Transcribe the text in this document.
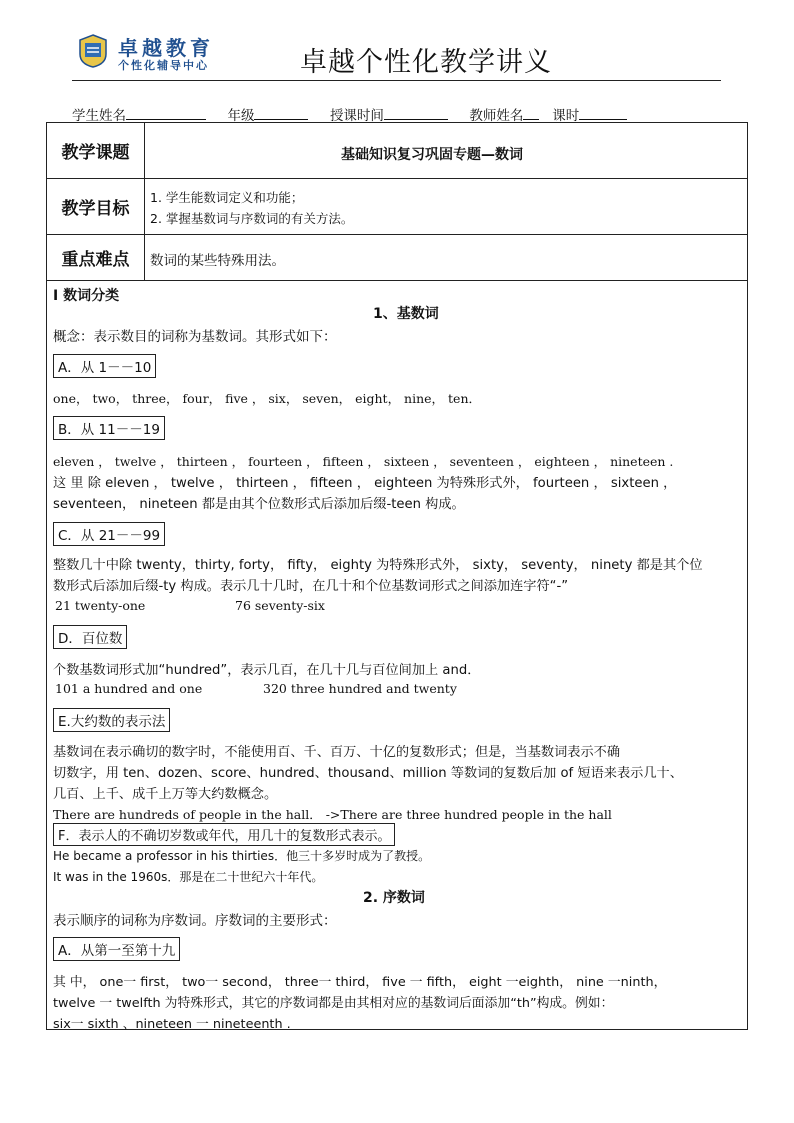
卓越教育
个性化辅导中心	卓越个性化教学讲义
学生姓名	年级	授课时间	教师姓名 课时
教学课题	基础知识复习巩固专题—数词
教学目标
1. 学生能数词定义和功能；
2. 掌握基数词与序数词的有关方法。
重点难点	数词的某些特殊用法。
I 数词分类
1、基数词
概念：表示数目的词称为基数词。其形式如下：
A．从 1－－10
one， two， three， four， five ， six， seven， eight， nine， ten．
B．从 11－－19
eleven ， twelve ， thirteen ， fourteen ， fifteen ， sixteen ， seventeen ， eighteen ， nineteen .
这 里 除 eleven ， twelve ， thirteen ， fifteen ， eighteen 为特殊形式外， fourteen ， sixteen ，
seventeen， nineteen 都是由其个位数形式后添加后缀-teen 构成。
C．从 21－－99
整数几十中除 twenty，thirty, forty， fifty， eighty 为特殊形式外， sixty， seventy， ninety 都是其个位
数形式后添加后缀-ty 构成。表示几十几时，在几十和个位基数词形式之间添加连字符“-”
21 twenty-one	76 seventy-six
D．百位数
个数基数词形式加“hundred”，表示几百，在几十几与百位间加上 and．
101 a hundred and one	320 three hundred and twenty
E.大约数的表示法
基数词在表示确切的数字时，不能使用百、千、百万、十亿的复数形式；但是，当基数词表示不确
切数字，用 ten、dozen、score、hundred、thousand、million 等数词的复数后加 of 短语来表示几十、
几百、上千、成千上万等大约数概念。
There are hundreds of people in the hall． ->There are three hundred people in the hall
F．表示人的不确切岁数或年代，用几十的复数形式表示。
He became a professor in his thirties．他三十多岁时成为了教授。
It was in the 1960s．那是在二十世纪六十年代。
2. 序数词
表示顺序的词称为序数词。序数词的主要形式：
A．从第一至第十九
其 中， one一 first， two一 second， three一 third， five 一 fifth， eight 一eighth， nine 一ninth，
twelve 一 twelfth 为特殊形式，其它的序数词都是由其相对应的基数词后面添加“th”构成。例如：
six一 sixth 、nineteen 一 nineteenth .
